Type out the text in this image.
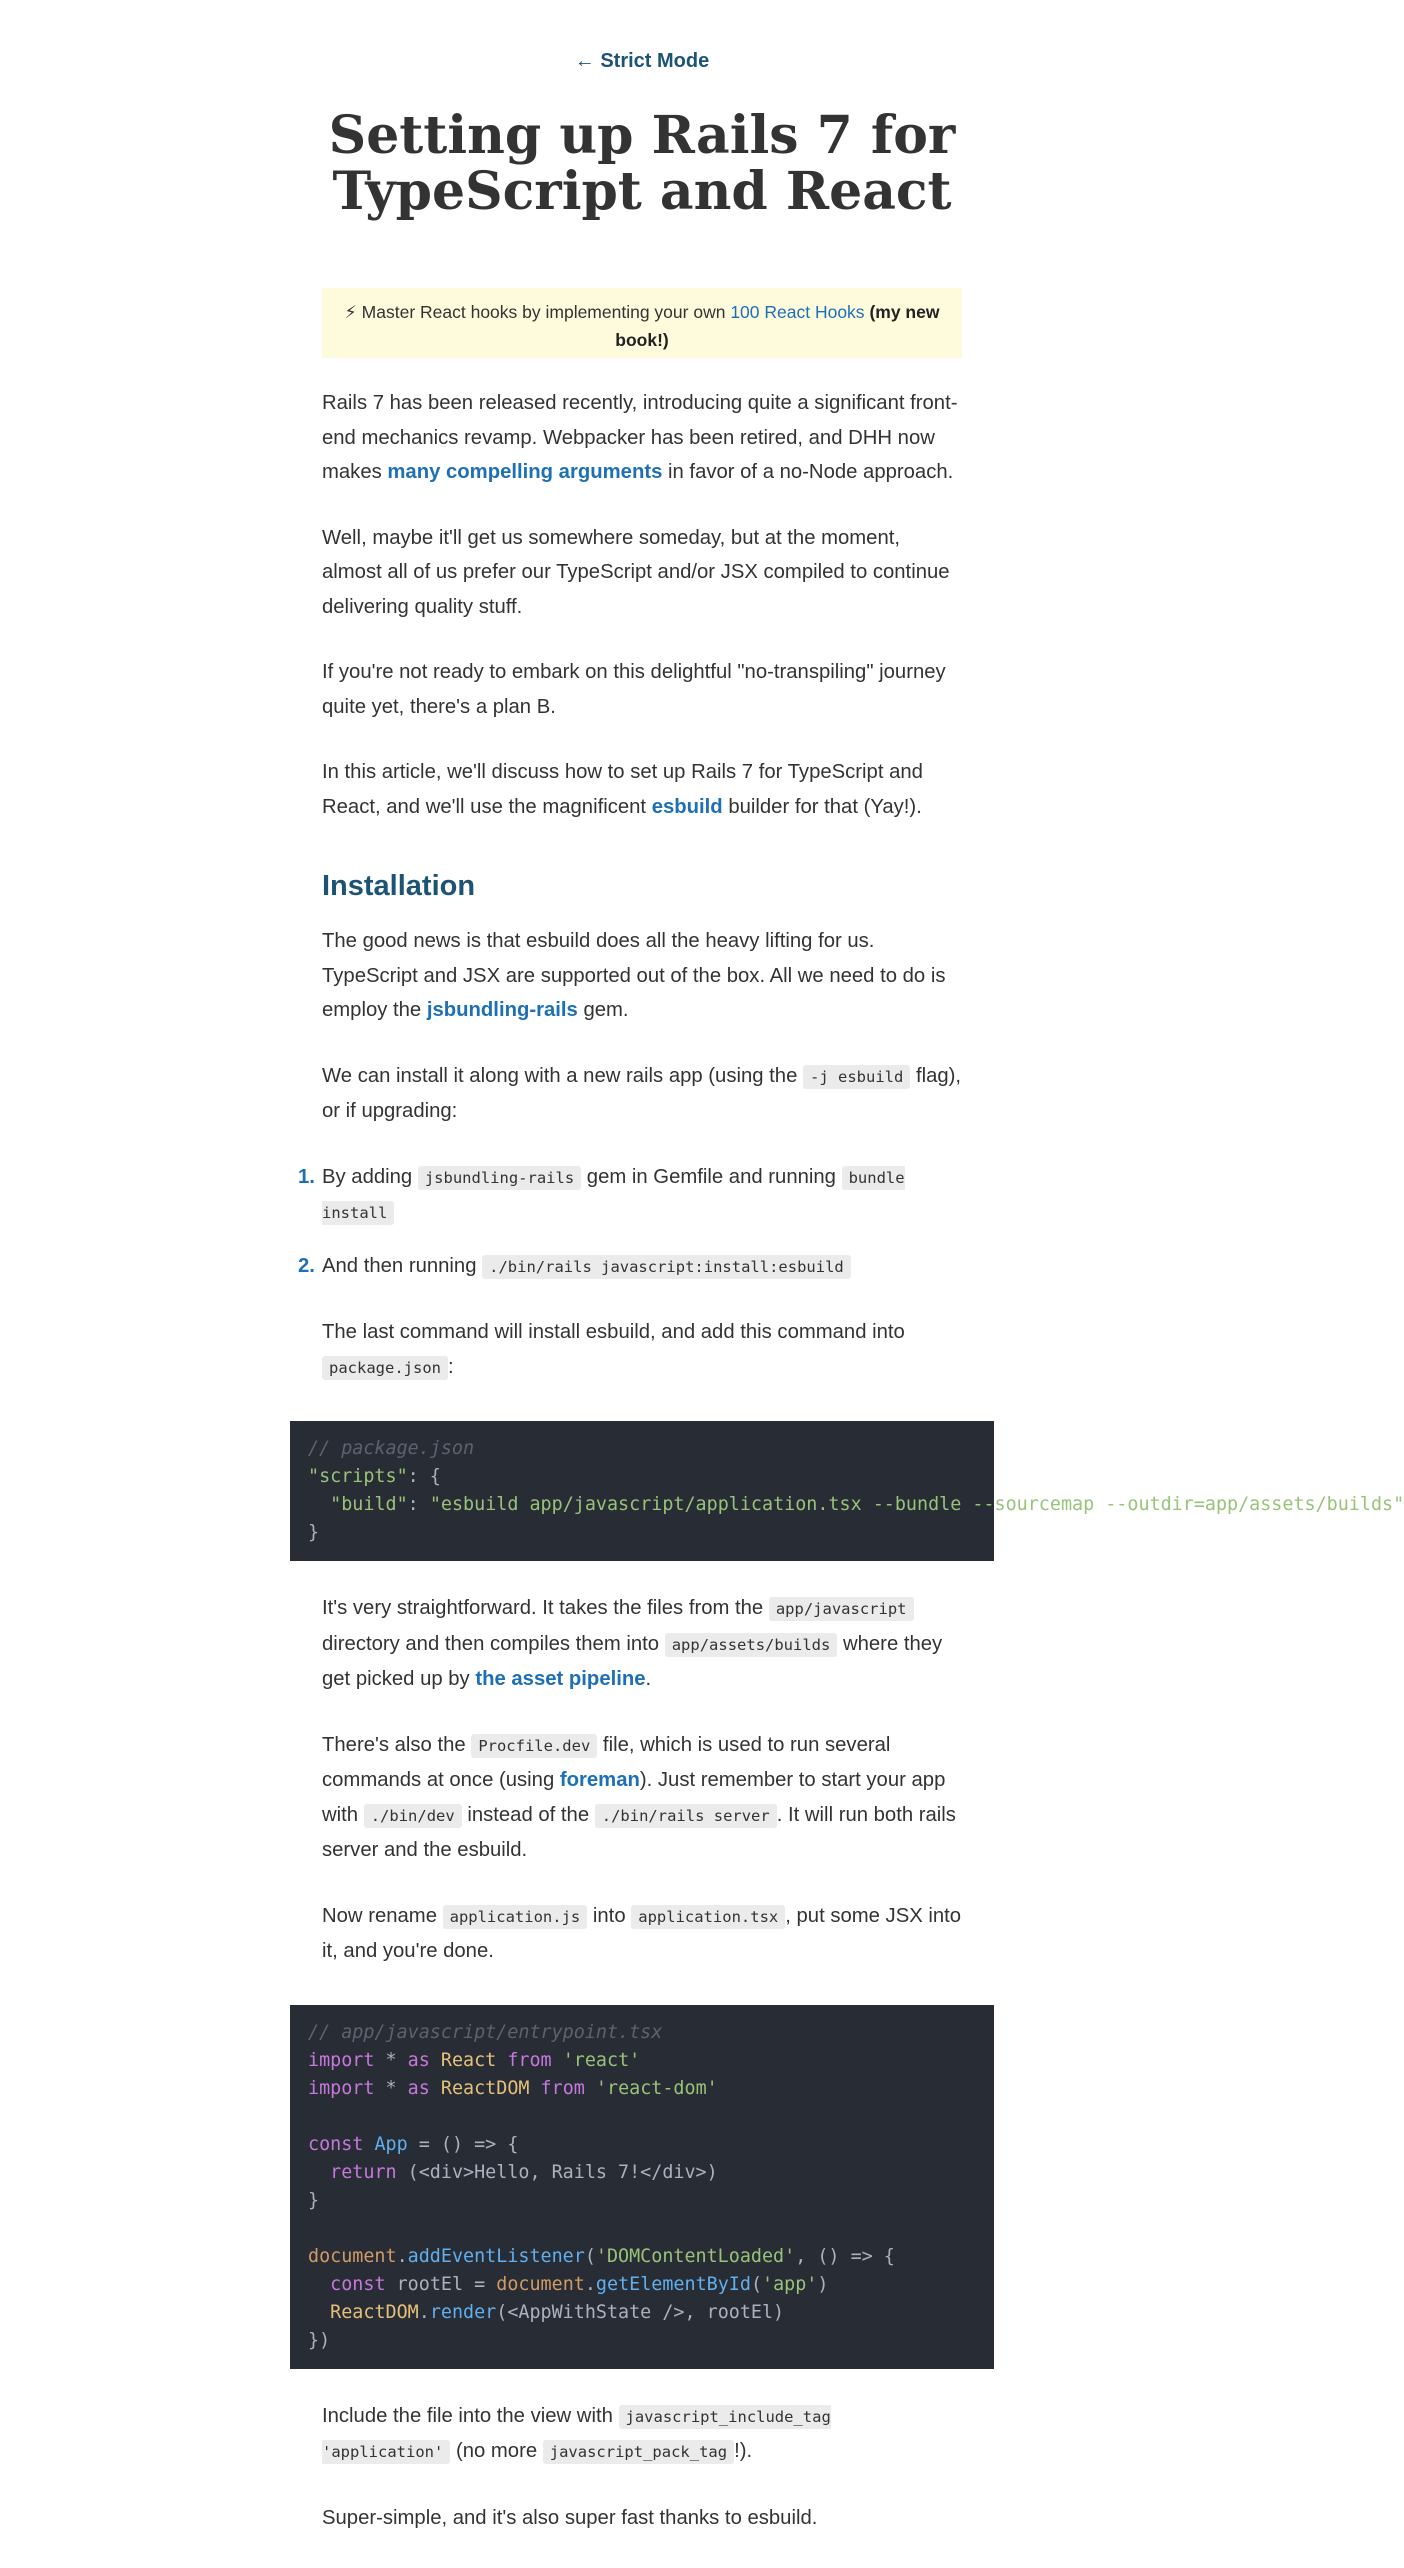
← Strict Mode
Setting up Rails 7 for TypeScript and React
⚡ Master React hooks by implementing your own 100 React Hooks (my new book!)

Rails 7 has been released recently, introducing quite a significant front-end mechanics revamp. Webpacker has been retired, and DHH now makes many compelling arguments in favor of a no-Node approach.

Well, maybe it'll get us somewhere someday, but at the moment, almost all of us prefer our TypeScript and/or JSX compiled to continue delivering quality stuff.

If you're not ready to embark on this delightful "no-transpiling" journey quite yet, there's a plan B.

In this article, we'll discuss how to set up Rails 7 for TypeScript and React, and we'll use the magnificent esbuild builder for that (Yay!).

Installation

The good news is that esbuild does all the heavy lifting for us. TypeScript and JSX are supported out of the box. All we need to do is employ the jsbundling-rails gem.

We can install it along with a new rails app (using the -j esbuild flag), or if upgrading:

1. By adding jsbundling-rails gem in Gemfile and running bundle install
2. And then running ./bin/rails javascript:install:esbuild

The last command will install esbuild, and add this command into package.json :

// package.json
"scripts": {
"build": "esbuild app/javascript/application.tsx --bundle --sourcemap --outdir=app/assets/builds"
}

It's very straightforward. It takes the files from the app/javascript directory and then compiles them into app/assets/builds where they get picked up by the asset pipeline.

There's also the Procfile.dev file, which is used to run several commands at once (using foreman). Just remember to start your app with ./bin/dev instead of the ./bin/rails server . It will run both rails server and the esbuild.

Now rename application.js into application.tsx , put some JSX into it, and you're done.

// app/javascript/entrypoint.tsx
import * as React from 'react'
import * as ReactDOM from 'react-dom'

const App = () => {
return (<div>Hello, Rails 7!</div>)
}

document.addEventListener('DOMContentLoaded', () => {
const rootEl = document.getElementById('app')
ReactDOM.render(<AppWithState />, rootEl)
})

Include the file into the view with javascript_include_tag 'application' (no more javascript_pack_tag !).

Super-simple, and it's also super fast thanks to esbuild.
